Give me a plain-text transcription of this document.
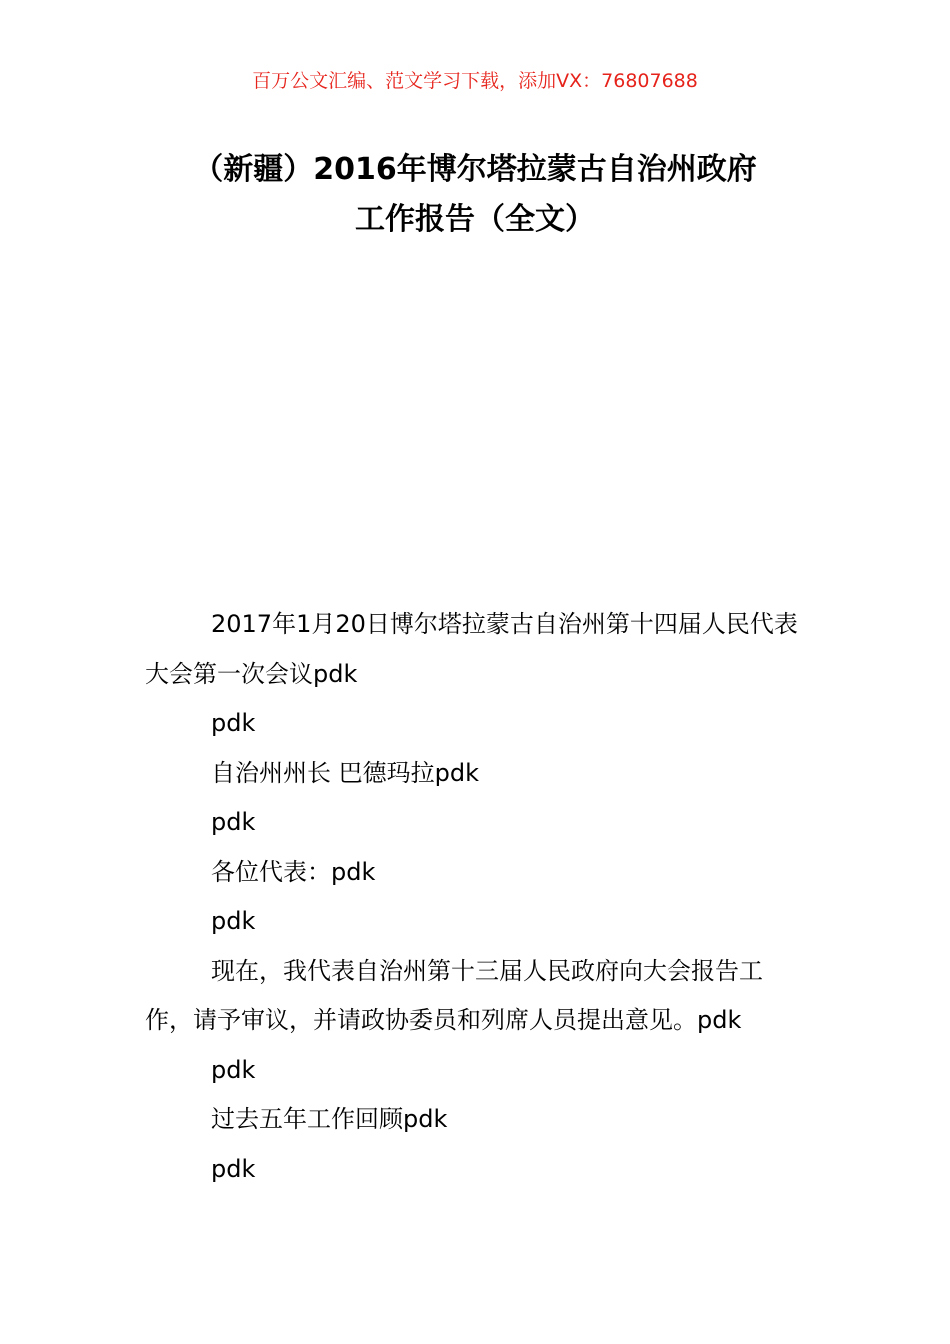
百万公文汇编、范文学习下载，添加VX：76807688
（新疆）2016年博尔塔拉蒙古自治州政府
工作报告（全文）

2017年1月20日博尔塔拉蒙古自治州第十四届人民代表大会第一次会议pdk

pdk

自治州州长 巴德玛拉pdk

pdk

各位代表：pdk

pdk

现在，我代表自治州第十三届人民政府向大会报告工作，请予审议，并请政协委员和列席人员提出意见。pdk

pdk

过去五年工作回顾pdk

pdk
